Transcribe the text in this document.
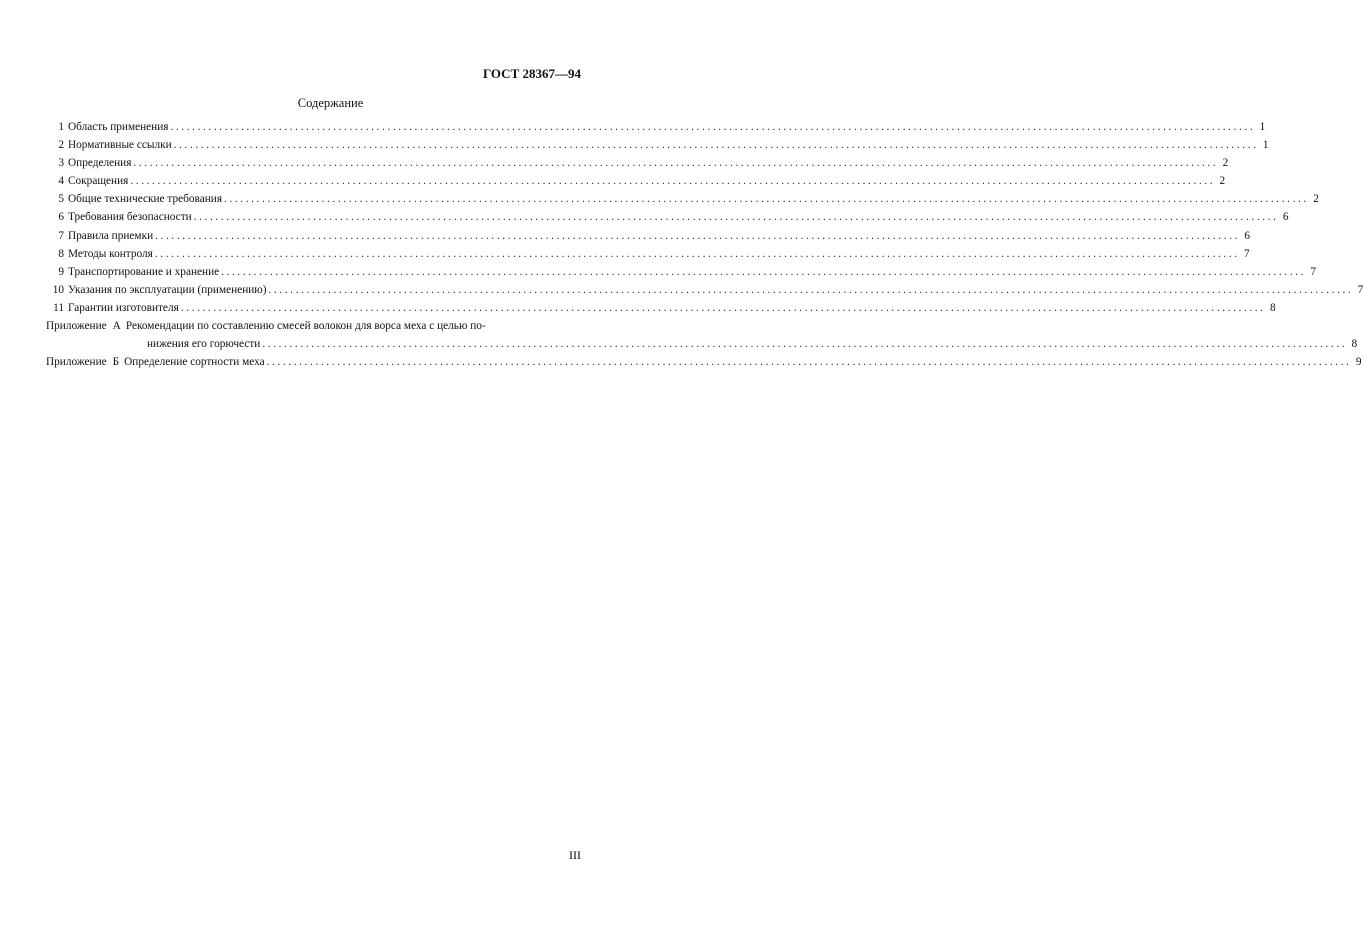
ГОСТ 28367—94
Содержание
1 Область применения ........................................................................................................................................................................................................ 1
2 Нормативные ссылки ........................................................................................................................................................................................................ 1
3 Определения ........................................................................................................................................................................................................ 2
4 Сокращения ........................................................................................................................................................................................................ 2
5 Общие технические требования ........................................................................................................................................................................................................ 2
6 Требования безопасности ........................................................................................................................................................................................................ 6
7 Правила приемки ........................................................................................................................................................................................................ 6
8 Методы контроля ........................................................................................................................................................................................................ 7
9 Транспортирование и хранение ........................................................................................................................................................................................................ 7
10 Указания по эксплуатации (применению) ........................................................................................................................................................................................................ 7
11 Гарантии изготовителя ........................................................................................................................................................................................................ 8
Приложение А Рекомендации по составлению смесей волокон для ворса меха с целью по-
нижения его горючести ........................................................................................................................................................................................................ 8
Приложение Б Определение сортности меха ........................................................................................................................................................................................................ 9
III
